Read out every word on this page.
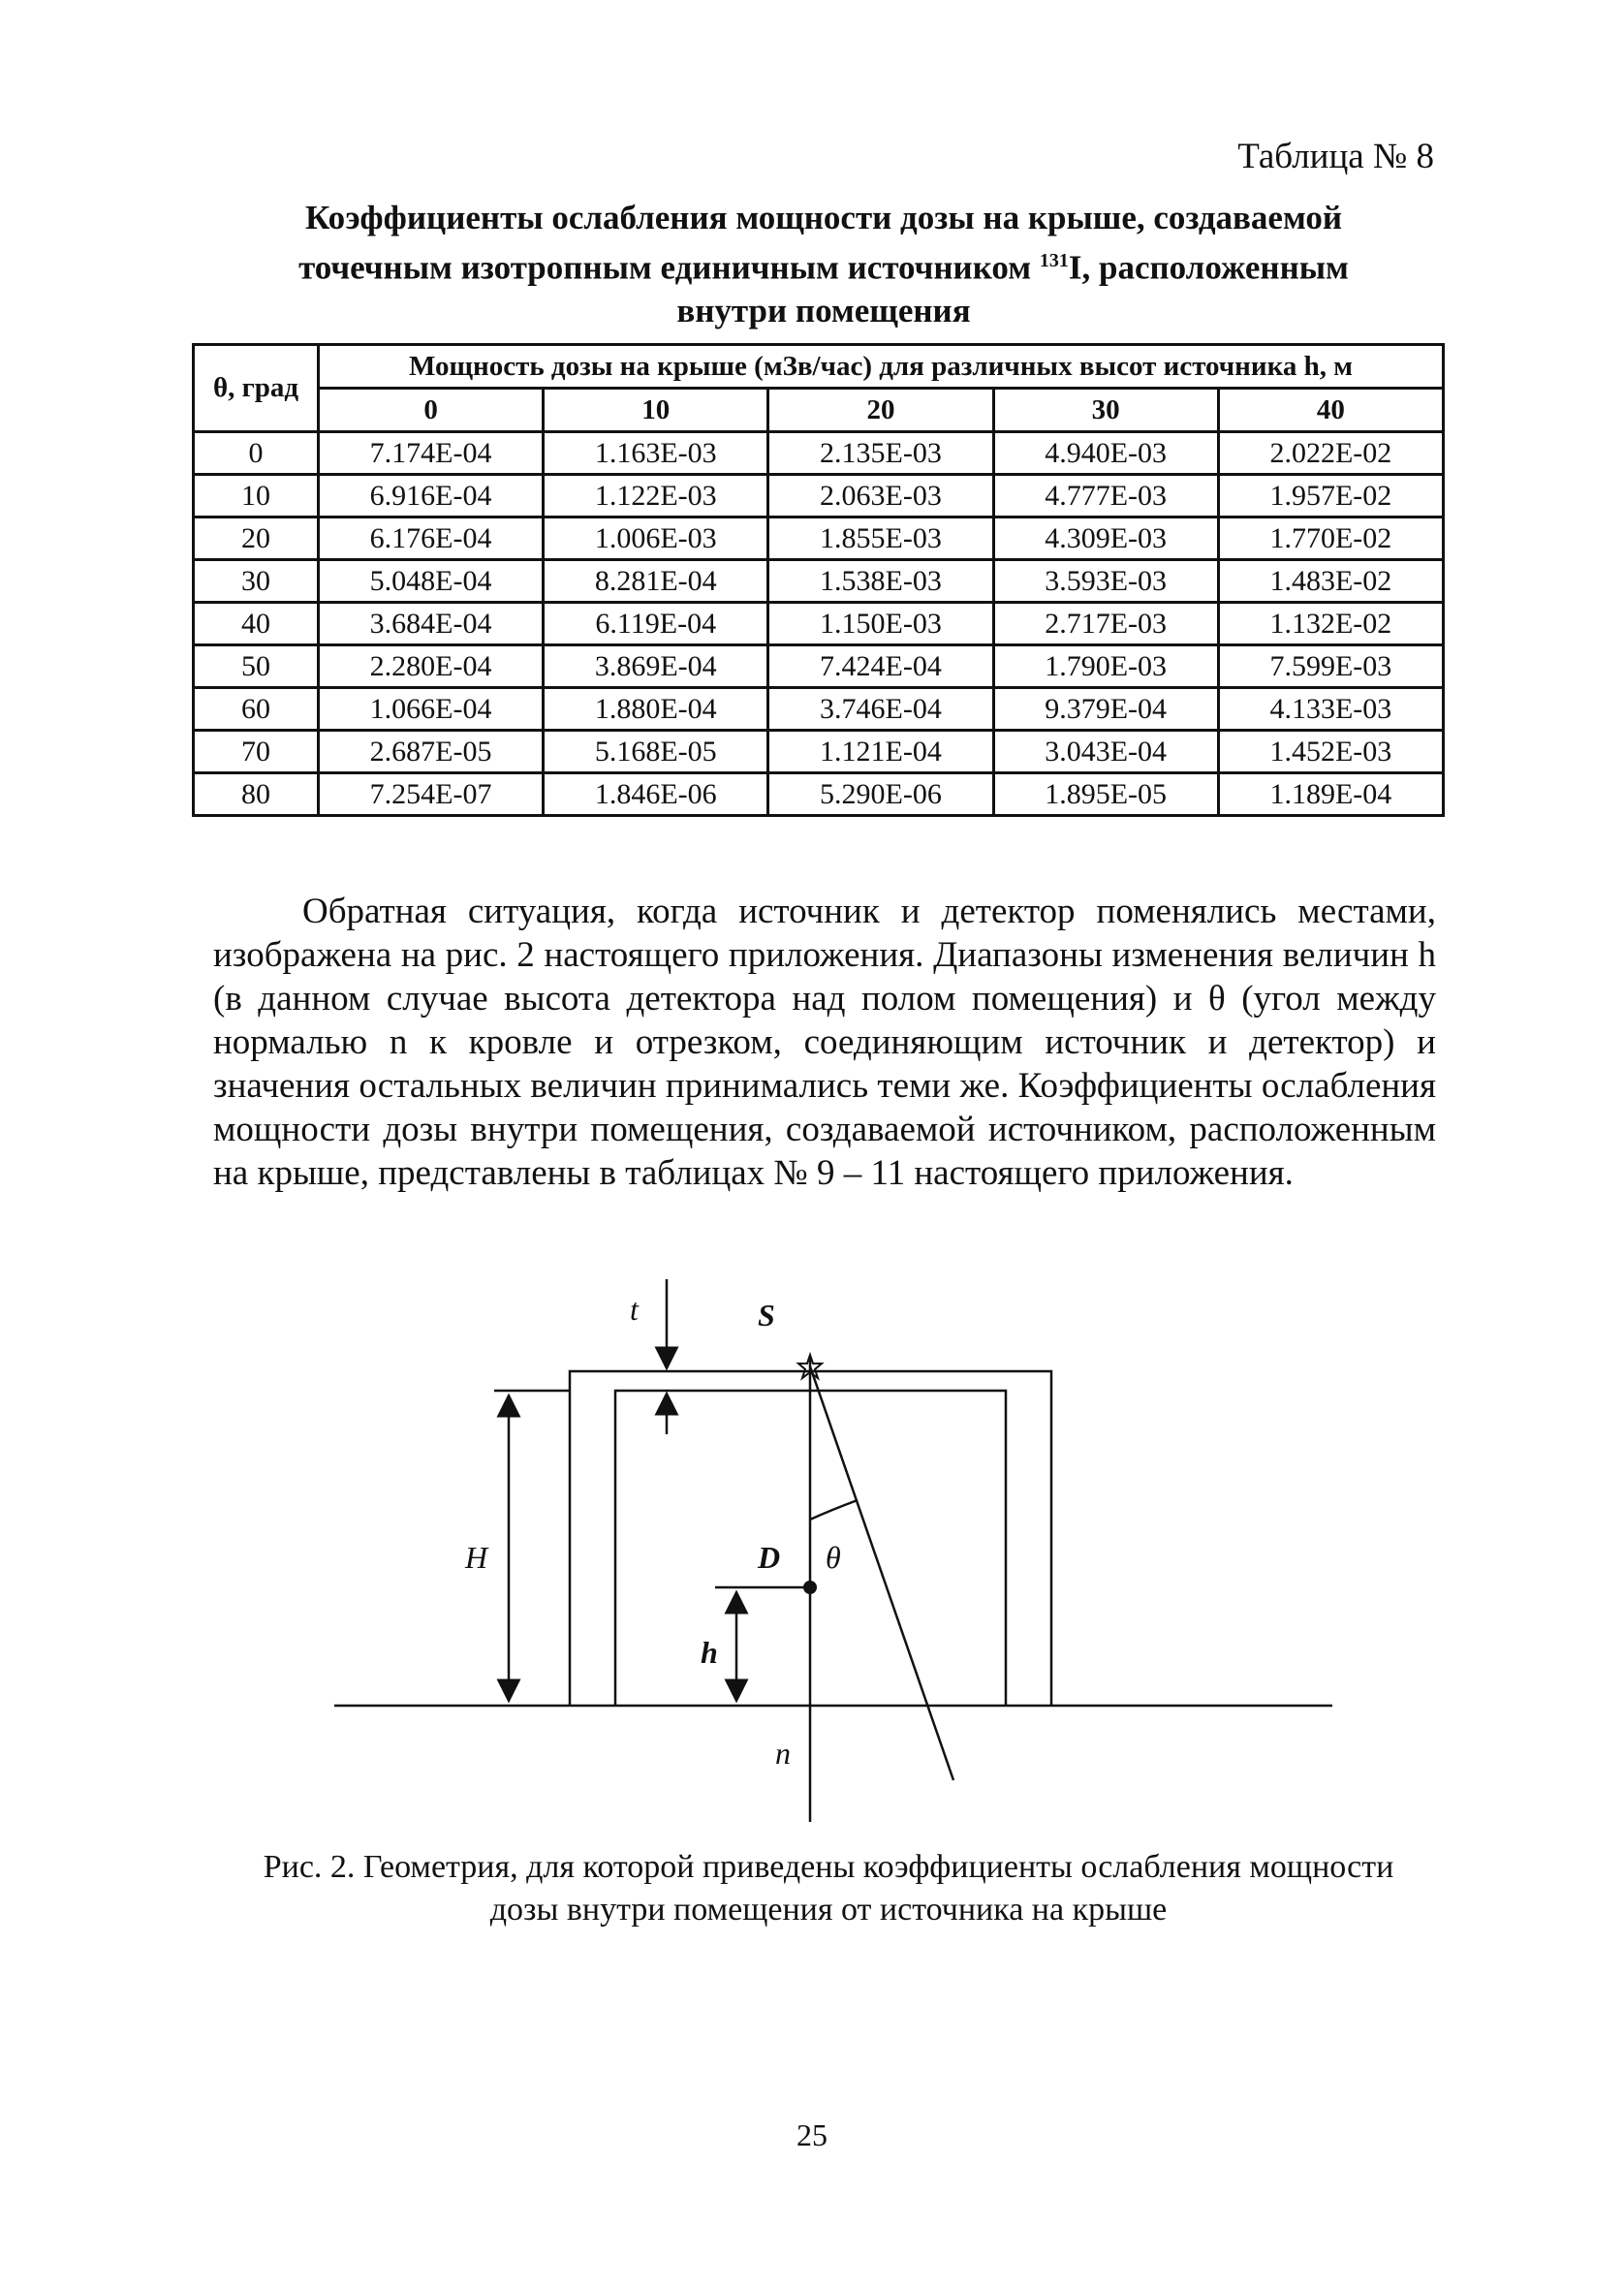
Таблица № 8
Коэффициенты ослабления мощности дозы на крыше, создаваемой
точечным изотропным единичным источником $^{131}$I, расположенным
внутри помещения
θ, град	Мощность дозы на крыше (мЗв/час) для различных высот источника h, м				
	0	10	20	30	40
0	7.174E-04	1.163E-03	2.135E-03	4.940E-03	2.022E-02
10	6.916E-04	1.122E-03	2.063E-03	4.777E-03	1.957E-02
20	6.176E-04	1.006E-03	1.855E-03	4.309E-03	1.770E-02
30	5.048E-04	8.281E-04	1.538E-03	3.593E-03	1.483E-02
40	3.684E-04	6.119E-04	1.150E-03	2.717E-03	1.132E-02
50	2.280E-04	3.869E-04	7.424E-04	1.790E-03	7.599E-03
60	1.066E-04	1.880E-04	3.746E-04	9.379E-04	4.133E-03
70	2.687E-05	5.168E-05	1.121E-04	3.043E-04	1.452E-03
80	7.254E-07	1.846E-06	5.290E-06	1.895E-05	1.189E-04
Обратная ситуация, когда источник и детектор поменялись местами, изображена на рис. 2 настоящего приложения. Диапазоны изменения величин h (в данном случае высота детектора над полом помещения) и θ (угол между нормалью n к кровле и отрезком, соединяющим источник и детектор) и значения остальных величин принимались теми же. Коэффициенты ослабления мощности дозы внутри помещения, создаваемой источником, расположенным на крыше, представлены в таблицах № 9 – 11 настоящего приложения.
t	S
H	D θ
h
n
Рис. 2. Геометрия, для которой приведены коэффициенты ослабления мощности
дозы внутри помещения от источника на крыше
25
